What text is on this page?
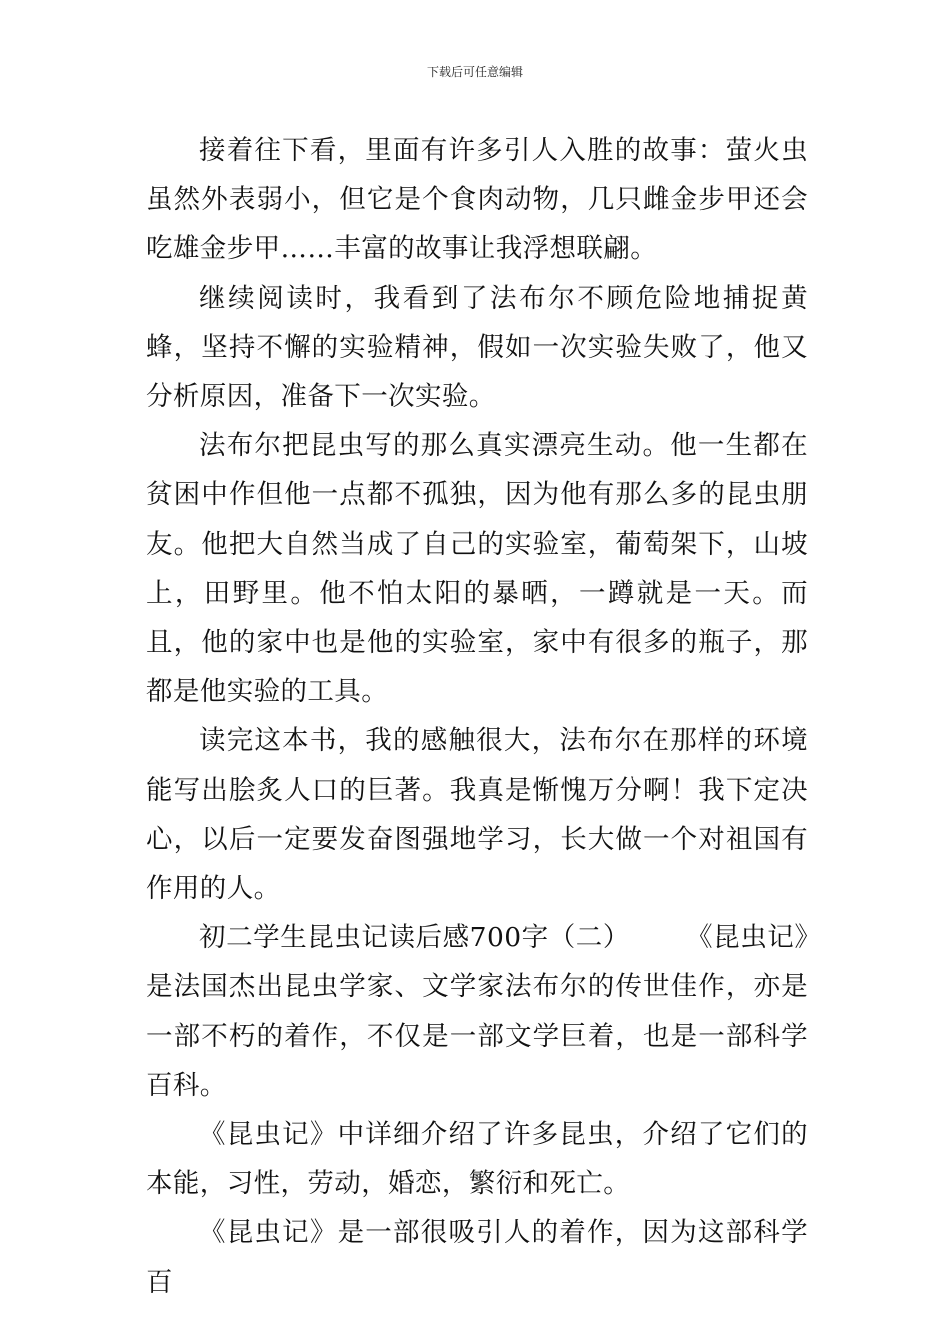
下载后可任意编辑

接着往下看，里面有许多引人入胜的故事：萤火虫虽然外表弱小，但它是个食肉动物，几只雌金步甲还会吃雄金步甲……丰富的故事让我浮想联翩。

继续阅读时，我看到了法布尔不顾危险地捕捉黄蜂，坚持不懈的实验精神，假如一次实验失败了，他又分析原因，准备下一次实验。

法布尔把昆虫写的那么真实漂亮生动。他一生都在贫困中作但他一点都不孤独，因为他有那么多的昆虫朋友。他把大自然当成了自己的实验室，葡萄架下，山坡上，田野里。他不怕太阳的暴晒，一蹲就是一天。而且，他的家中也是他的实验室，家中有很多的瓶子，那都是他实验的工具。

读完这本书，我的感触很大，法布尔在那样的环境能写出脍炙人口的巨著。我真是惭愧万分啊！我下定决心，以后一定要发奋图强地学习，长大做一个对祖国有作用的人。

初二学生昆虫记读后感700字（二） 《昆虫记》是法国杰出昆虫学家、文学家法布尔的传世佳作，亦是一部不朽的着作，不仅是一部文学巨着，也是一部科学百科。

《昆虫记》中详细介绍了许多昆虫，介绍了它们的本能，习性，劳动，婚恋，繁衍和死亡。

《昆虫记》是一部很吸引人的着作，因为这部科学百
